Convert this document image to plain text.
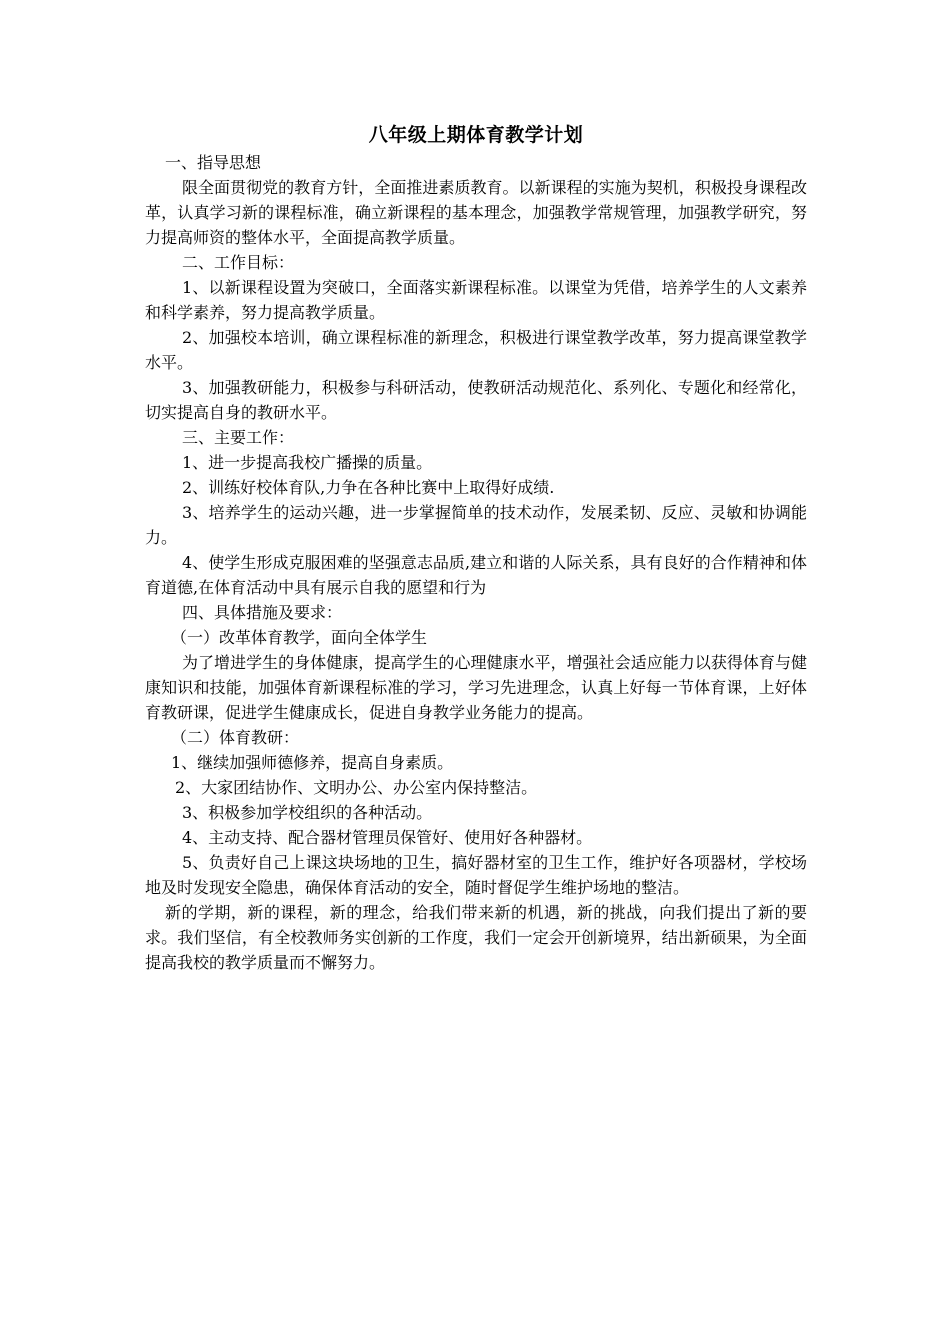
八年级上期体育教学计划

一、指导思想

限全面贯彻党的教育方针，全面推进素质教育。以新课程的实施为契机，积极投身课程改革，认真学习新的课程标准，确立新课程的基本理念，加强教学常规管理，加强教学研究，努力提高师资的整体水平，全面提高教学质量。

二、工作目标：

1、以新课程设置为突破口，全面落实新课程标准。以课堂为凭借，培养学生的人文素养和科学素养，努力提高教学质量。

2、加强校本培训，确立课程标准的新理念，积极进行课堂教学改革，努力提高课堂教学水平。

3、加强教研能力，积极参与科研活动，使教研活动规范化、系列化、专题化和经常化，切实提高自身的教研水平。

三、主要工作：

1、进一步提高我校广播操的质量。

2、训练好校体育队,力争在各种比赛中上取得好成绩.

3、培养学生的运动兴趣，进一步掌握简单的技术动作，发展柔韧、反应、灵敏和协调能力。

4、使学生形成克服困难的坚强意志品质,建立和谐的人际关系，具有良好的合作精神和体育道德,在体育活动中具有展示自我的愿望和行为

四、具体措施及要求：

（一）改革体育教学，面向全体学生

为了增进学生的身体健康，提高学生的心理健康水平，增强社会适应能力以获得体育与健康知识和技能，加强体育新课程标准的学习，学习先进理念，认真上好每一节体育课，上好体育教研课，促进学生健康成长，促进自身教学业务能力的提高。

（二）体育教研：

1、继续加强师德修养，提高自身素质。

2、大家团结协作、文明办公、办公室内保持整洁。

3、积极参加学校组织的各种活动。

4、主动支持、配合器材管理员保管好、使用好各种器材。

5、负责好自己上课这块场地的卫生，搞好器材室的卫生工作，维护好各项器材，学校场地及时发现安全隐患，确保体育活动的安全，随时督促学生维护场地的整洁。

新的学期，新的课程，新的理念，给我们带来新的机遇，新的挑战，向我们提出了新的要求。我们坚信，有全校教师务实创新的工作度，我们一定会开创新境界，结出新硕果，为全面提高我校的教学质量而不懈努力。
